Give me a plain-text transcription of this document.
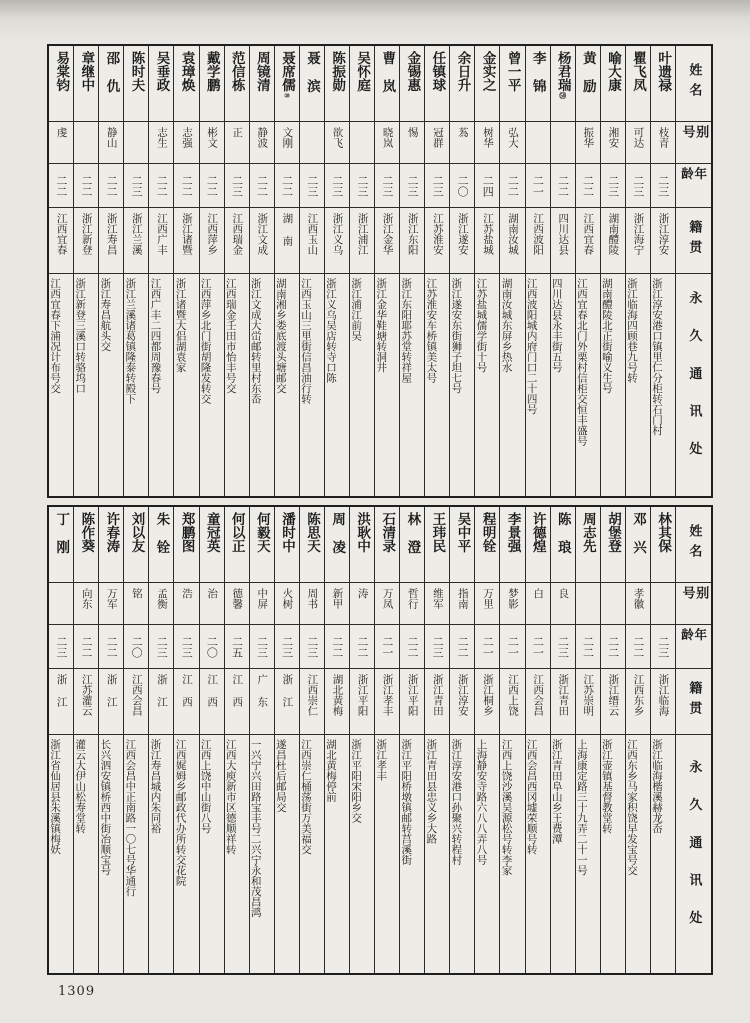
姓名
别号
年龄
籍贯
永久通讯处
叶遗禄
枝青
二三
浙江淳安
浙江淳安港口镇里仁分柜转石门村
瞿飞凤
可达
二三
浙江海宁
浙江临海四顾巷九号转
喻大康
湘安
二三
湖南醴陵
湖南醴陵北正街喻义生号
黄励
振华
二二
江西宜春
江西宜春北门外栗村信柜交恒丰盛号
杨君瑞㊿
二二
四川达县
四川达县永丰街五号
李锦
二一
江西波阳
江西波阳城内府门口二十四号
曾一平
弘大
二二
湖南汝城
湖南汝城东屏乡热水
金实之
树华
二四
江苏盐城
江苏盐城儒学街十号
余日升
蒍
二〇
浙江遂安
浙江遂安东街狮子坦七号
任镇球
冠群
二三
江苏淮安
江苏淮安车桥镇美太号
金锡惠
惕
二三
浙江东阳
浙江东阳耶苏堂转祥屋
曹岚
晓岚
二三
浙江金华
浙江金华鞋塘转洞井
吴怀庭
二三
浙江浦江
浙江浦江前吴
陈振勋
欲飞
二三
浙江义乌
浙江义乌吴店转寺口陈
聂滨
二三
江西玉山
江西玉山三里街信昌油行转
聂席儒⑩
文刚
二二
湖南
湖南湘乡娄底渡头塘邮交
周镜清
静波
二二
浙江文成
浙江文成大峃邮转里村东岙
范信栋
正
二三
江西瑞金
江西瑞金壬田市怡丰号交
戴学鹏
彬文
二二
江西萍乡
江西萍乡北门街胡隆发转交
袁璋焕
志强
二二
浙江诸暨
浙江诸暨大侣湖袁家
吴垂政
志生
二二
江西广丰
江西广丰二四都周豫春号
陈时夫
二三
浙江兰溪
浙江兰溪诸葛镇隆泰转殿下
邵仇
静山
二二
浙江寿昌
浙江寿昌航头交
章继中
二二
浙江新登
浙江新登三溪口转骆坞口
易棠钧
虔
二二
江西宜春
江西宜春下浦况计布号交
姓名
别号
年龄
籍贯
永久通讯处
林其保
二三
浙江临海
浙江临海楷溪赫龙岙
邓兴
孝徽
二二
江西东乡
江西东乡马家积饶早发宝号交
胡堡登
二二
浙江缙云
浙江壶镇基督教堂转
周志先
二二
江苏崇明
上海康定路三十九弄二十一号
陈琅
良
二三
浙江青田
浙江青田阜山乡王费潭
许德煌
白
二一
江西会昌
江西会昌西冈墟荣顺号转
李景强
梦影
二一
江西上饶
江西上饶沙溪吴源松号转李家
程明铨
万里
二一
浙江桐乡
上海静安寺路六八八弄八号
吴中平
指南
二二
浙江淳安
浙江淳安港口孙聚兴转程村
王玮民
维军
二三
浙江青田
浙江青田县忠义乡大路
林澄
哲行
二二
浙江平阳
浙江平阳桥墩镇邮转莒溪街
石清录
万凤
二一
浙江孝丰
浙江孝丰
洪耿中
涛
二二
浙江平阳
浙江平阳宋阳乡交
周凌
新甲
二二
湖北黄梅
湖北黄梅停前
陈思天
周书
二三
江西崇仁
江西崇仁桶荡街万美福交
潘时中
火树
二三
浙江
遂昌杜后邮局交
何毅天
中屏
二三
广东
一兴宁兴田路宝丰号二兴宁永和茂昌鸿
何以正
德馨
二五
江西
江西大庾新市区德顺祥转
童冠英
治
二〇
江西
江西上饶中山街八号
郑鹏图
浩
二三
江西
江西娓姆乡邮政代办所转交花院
朱铨
孟衡
二三
浙江
浙江寿昌城内朱同裕
刘以友
铭
二〇
江西会昌
江西会昌中正南路一〇七号华通行
许春涛
万军
二二
浙江
长兴泗安镇桥西中街冶顺宝号
陈作葵
向东
二二
江苏灌云
灌云大伊山松寿堂转
丁刚
二三
浙江
浙江省仙居县朱溪镇梅妖
1309
